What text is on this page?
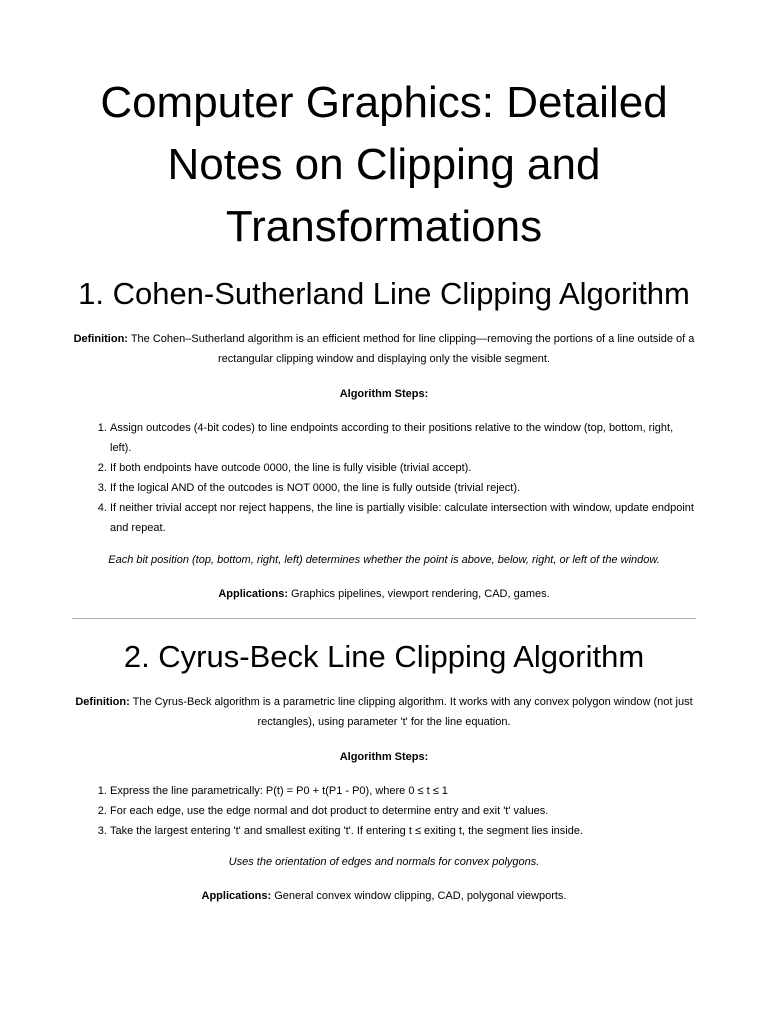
Computer Graphics: Detailed Notes on Clipping and Transformations
1. Cohen-Sutherland Line Clipping Algorithm

Definition: The Cohen–Sutherland algorithm is an efficient method for line clipping—removing the portions of a line outside of a rectangular clipping window and displaying only the visible segment.

Algorithm Steps:
1. Assign outcodes (4-bit codes) to line endpoints according to their positions relative to the window (top, bottom, right, left).
2. If both endpoints have outcode 0000, the line is fully visible (trivial accept).
3. If the logical AND of the outcodes is NOT 0000, the line is fully outside (trivial reject).
4. If neither trivial accept nor reject happens, the line is partially visible: calculate intersection with window, update endpoint and repeat.

Each bit position (top, bottom, right, left) determines whether the point is above, below, right, or left of the window.

Applications: Graphics pipelines, viewport rendering, CAD, games.

2. Cyrus-Beck Line Clipping Algorithm

Definition: The Cyrus-Beck algorithm is a parametric line clipping algorithm. It works with any convex polygon window (not just rectangles), using parameter 't' for the line equation.

Algorithm Steps:
1. Express the line parametrically: P(t) = P0 + t(P1 - P0), where 0 ≤ t ≤ 1
2. For each edge, use the edge normal and dot product to determine entry and exit 't' values.
3. Take the largest entering 't' and smallest exiting 't'. If entering t ≤ exiting t, the segment lies inside.

Uses the orientation of edges and normals for convex polygons.

Applications: General convex window clipping, CAD, polygonal viewports.
